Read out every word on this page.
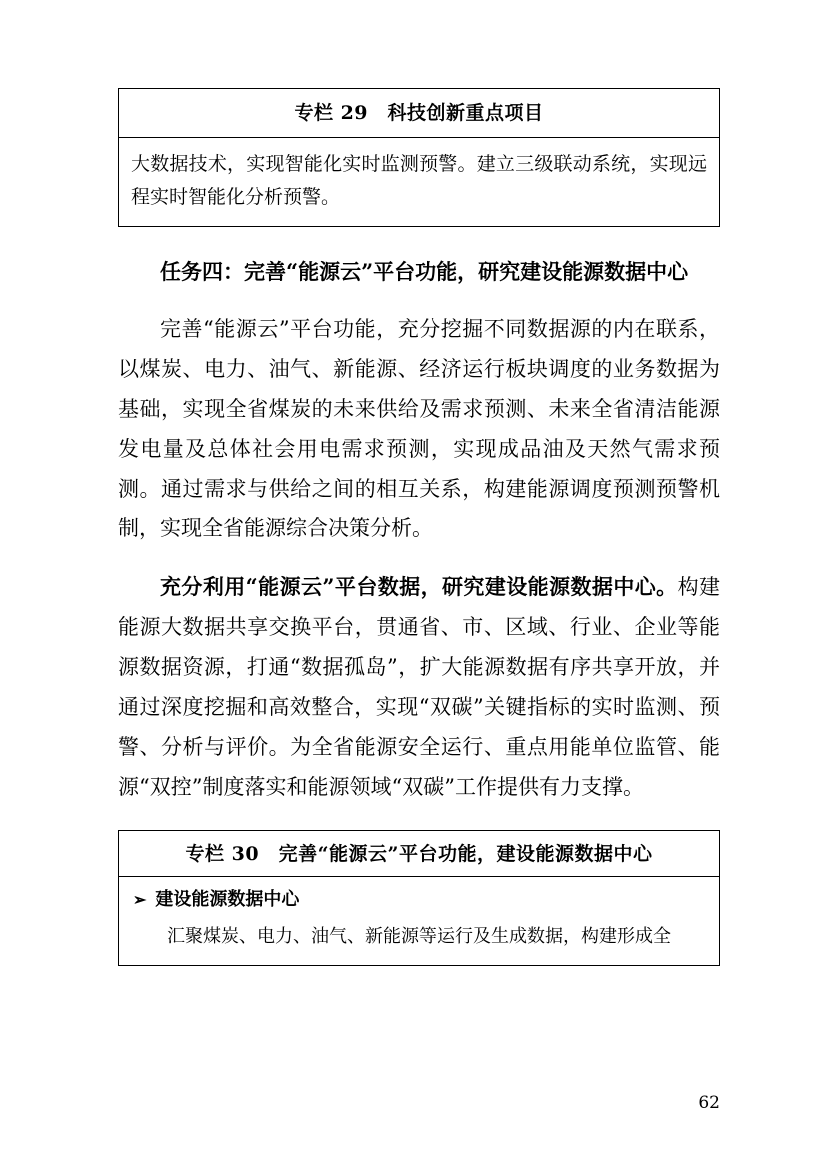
专栏 29　科技创新重点项目

大数据技术，实现智能化实时监测预警。建立三级联动系统，实现远程实时智能化分析预警。

任务四：完善“能源云”平台功能，研究建设能源数据中心
完善“能源云”平台功能，充分挖掘不同数据源的内在联系，以煤炭、电力、油气、新能源、经济运行板块调度的业务数据为基础，实现全省煤炭的未来供给及需求预测、未来全省清洁能源发电量及总体社会用电需求预测，实现成品油及天然气需求预测。通过需求与供给之间的相互关系，构建能源调度预测预警机制，实现全省能源综合决策分析。
充分利用“能源云”平台数据，研究建设能源数据中心。构建能源大数据共享交换平台，贯通省、市、区域、行业、企业等能源数据资源，打通“数据孤岛”，扩大能源数据有序共享开放，并通过深度挖掘和高效整合，实现“双碳”关键指标的实时监测、预警、分析与评价。为全省能源安全运行、重点用能单位监管、能源“双控”制度落实和能源领域“双碳”工作提供有力支撑。
专栏 30　完善“能源云”平台功能，建设能源数据中心
➢ 建设能源数据中心
汇聚煤炭、电力、油气、新能源等运行及生成数据，构建形成全
62
